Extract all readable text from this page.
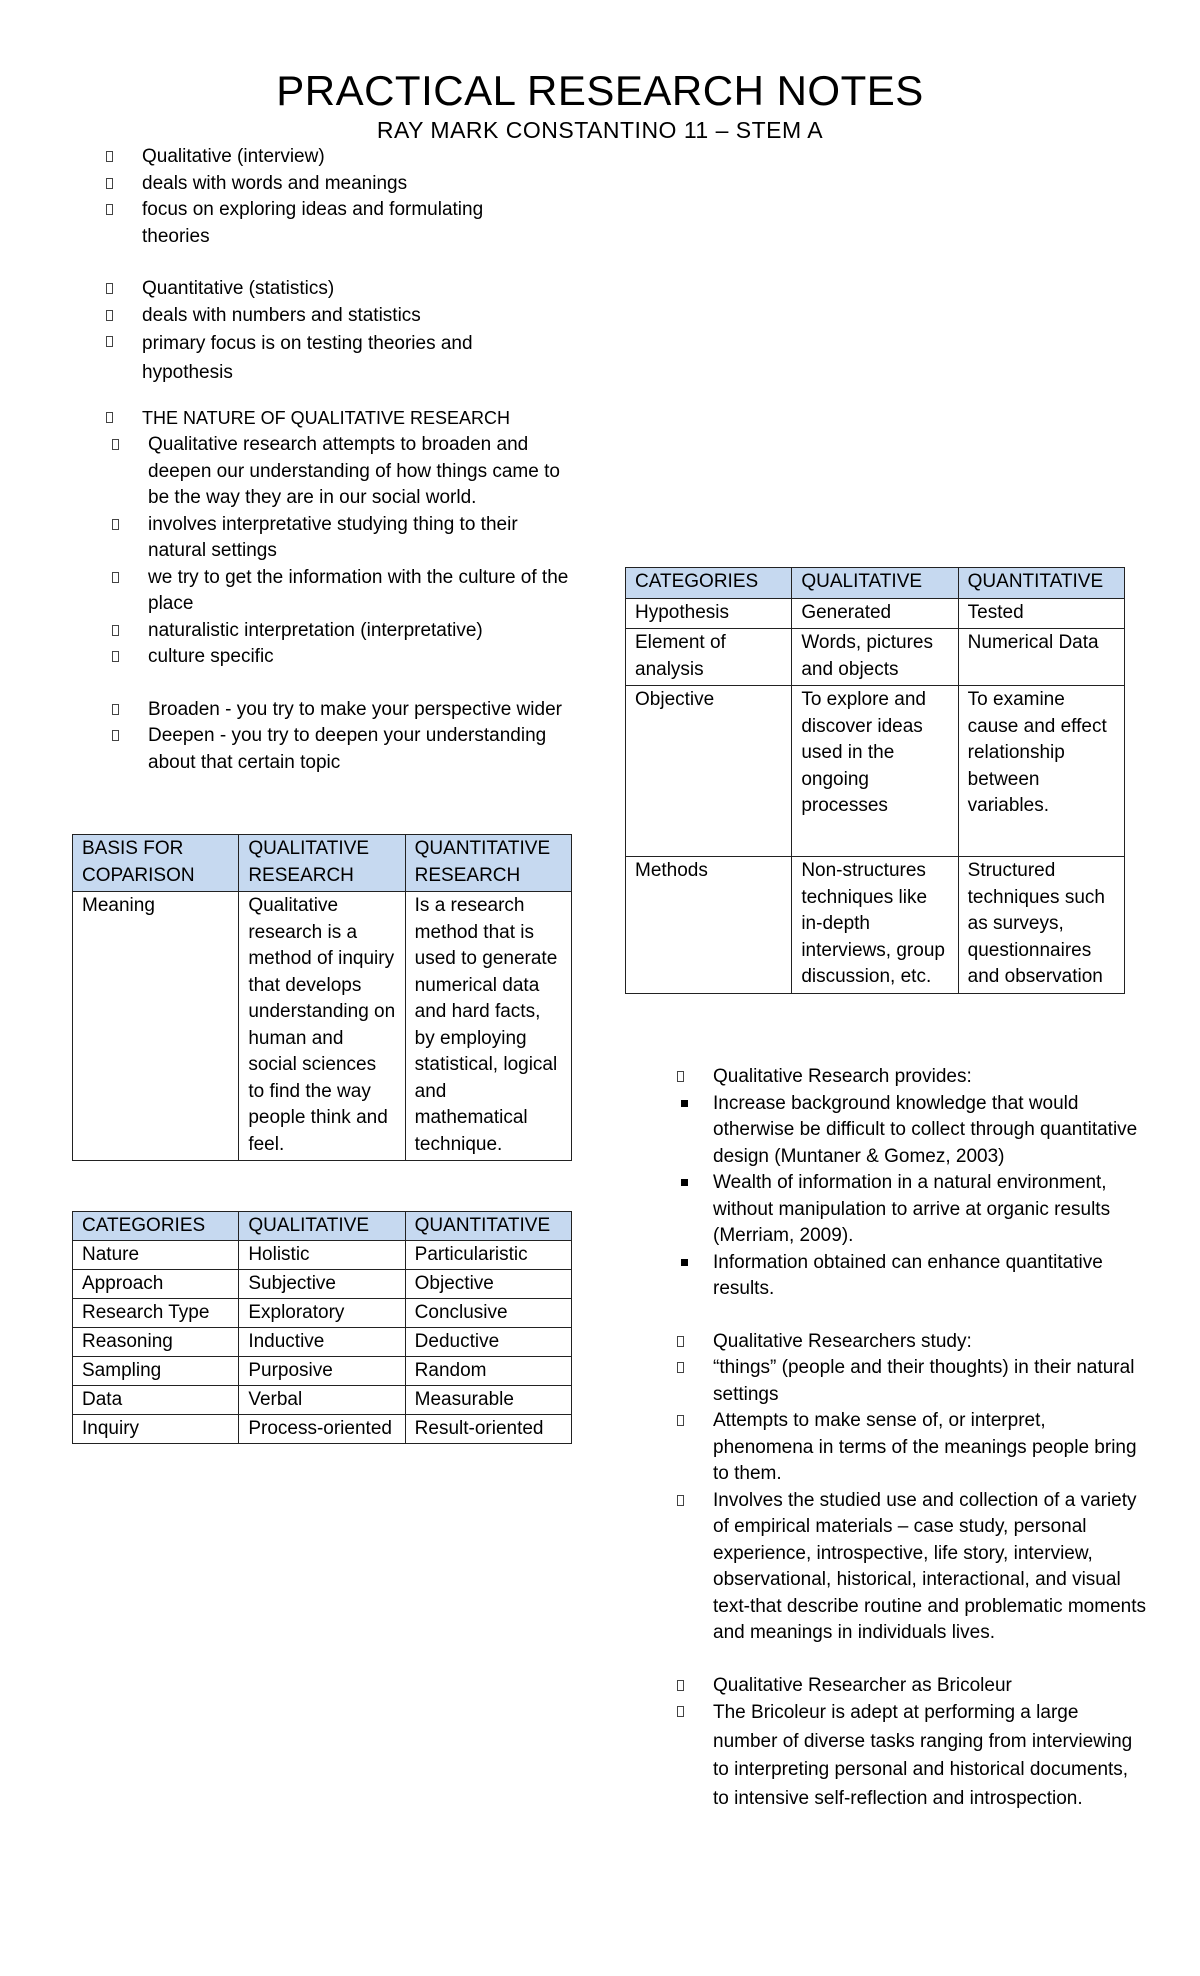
PRACTICAL RESEARCH NOTES
RAY MARK CONSTANTINO 11 – STEM A
Qualitative (interview)
deals with words and meanings
focus on exploring ideas and formulating theories
Quantitative (statistics)
deals with numbers and statistics
primary focus is on testing theories and hypothesis
THE NATURE OF QUALITATIVE RESEARCH
Qualitative research attempts to broaden and deepen our understanding of how things came to be the way they are in our social world.
involves interpretative studying thing to their natural settings
we try to get the information with the culture of the place
naturalistic interpretation (interpretative)
culture specific
Broaden - you try to make your perspective wider
Deepen - you try to deepen your understanding about that certain topic
BASIS FOR COPARISON	QUALITATIVE RESEARCH	QUANTITATIVE RESEARCH
Meaning	Qualitative research is a method of inquiry that develops understanding on human and social sciences to find the way people think and feel.	Is a research method that is used to generate numerical data and hard facts, by employing statistical, logical and mathematical technique.
CATEGORIES	QUALITATIVE	QUANTITATIVE
Nature	Holistic	Particularistic
Approach	Subjective	Objective
Research Type	Exploratory	Conclusive
Reasoning	Inductive	Deductive
Sampling	Purposive	Random
Data	Verbal	Measurable
Inquiry	Process-oriented	Result-oriented
CATEGORIES	QUALITATIVE	QUANTITATIVE
Hypothesis	Generated	Tested
Element of analysis	Words, pictures and objects	Numerical Data
Objective	To explore and discover ideas used in the ongoing processes	To examine cause and effect relationship between variables.
Methods	Non-structures techniques like in-depth interviews, group discussion, etc.	Structured techniques such as surveys, questionnaires and observation
Qualitative Research provides:
Increase background knowledge that would otherwise be difficult to collect through quantitative design (Muntaner & Gomez, 2003)
Wealth of information in a natural environment, without manipulation to arrive at organic results (Merriam, 2009).
Information obtained can enhance quantitative results.
Qualitative Researchers study:
“things” (people and their thoughts) in their natural settings
Attempts to make sense of, or interpret, phenomena in terms of the meanings people bring to them.
Involves the studied use and collection of a variety of empirical materials – case study, personal experience, introspective, life story, interview, observational, historical, interactional, and visual text-that describe routine and problematic moments and meanings in individuals lives.
Qualitative Researcher as Bricoleur
The Bricoleur is adept at performing a large number of diverse tasks ranging from interviewing to interpreting personal and historical documents, to intensive self-reflection and introspection.
